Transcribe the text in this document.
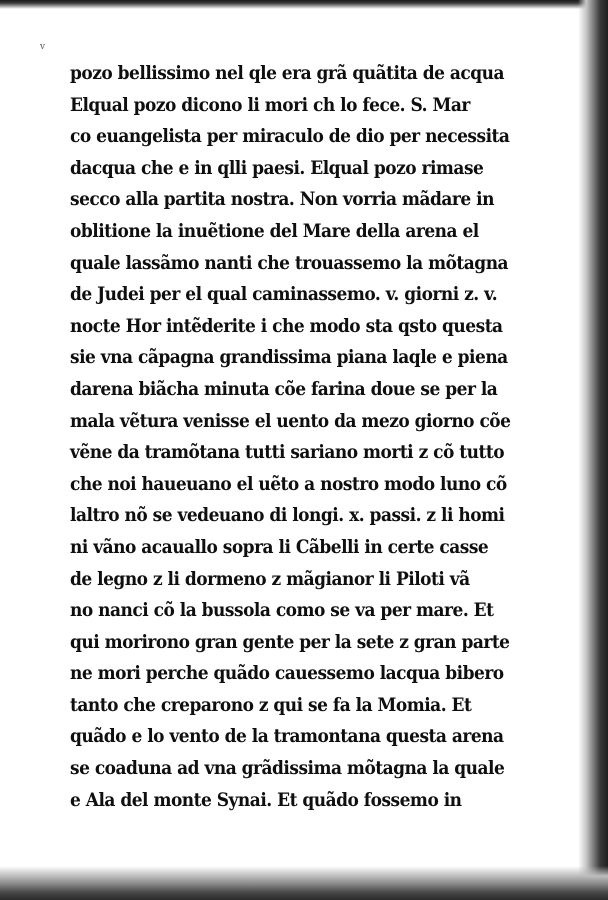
v
pozo bellissimo nel qle era grã quãtita de acqua
Elqual pozo dicono li mori ch lo fece. S. Mar
co euangelista per miraculo de dio per necessita
dacqua che e in qlli paesi. Elqual pozo rimase
secco alla partita nostra. Non vorria mãdare in
oblitione la inuẽtione del Mare della arena el
quale lassãmo nanti che trouassemo la mõtagna
de Judei per el qual caminassemo. v. giorni z. v.
nocte Hor intẽderite i che modo sta qsto questa
sie vna cãpagna grandissima piana laqle e piena
darena biãcha minuta cõe farina doue se per la
mala vẽtura venisse el uento da mezo giorno cõe
vẽne da tramõtana tutti sariano morti z cõ tutto
che noi haueuano el uẽto a nostro modo luno cõ
laltro nõ se vedeuano di longi. x. passi. z li homi
ni vãno acauallo sopra li Cãbelli in certe casse
de legno z li dormeno z mãgianor li Piloti vã
no nanci cõ la bussola como se va per mare. Et
qui morirono gran gente per la sete z gran parte
ne mori perche quãdo cauessemo lacqua bibero
tanto che creparono z qui se fa la Momia. Et
quãdo e lo vento de la tramontana questa arena
se coaduna ad vna grãdissima mõtagna la quale
e Ala del monte Synai. Et quãdo fossemo in
